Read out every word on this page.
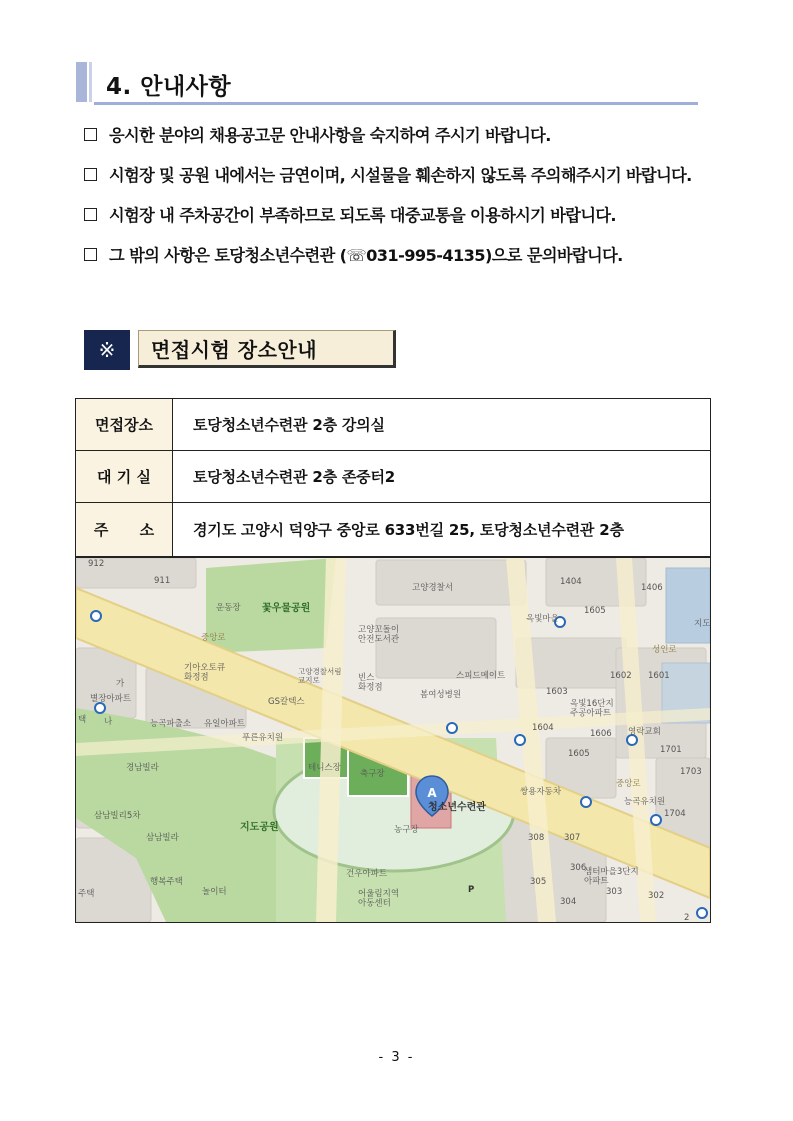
4. 안내사항
응시한 분야의 채용공고문 안내사항을 숙지하여 주시기 바랍니다.
시험장 및 공원 내에서는 금연이며, 시설물을 훼손하지 않도록 주의해주시기 바랍니다.
시험장 내 주차공간이 부족하므로 되도록 대중교통을 이용하시기 바랍니다.
그 밖의 사항은 토당청소년수련관 (☏031-995-4135)으로 문의바랍니다.
※	면접시험 장소안내
면접장소	토당청소년수련관 2층 강의실
대 기 실	토당청소년수련관 2층 존중터2
주      소	경기도 고양시 덕양구 중앙로 633번길 25, 토당청소년수련관 2층
A
912
911
운동장 꽃우물공원
고양경찰서
1404
1406
옥빛마을
1605
지도
중앙로
고양꼬돌이 안전도서관
기아오토큐 화정점
고양경찰서림 교지로	빈스 화정점
스피드메이트
성인로
1602 1601
별장아파트
가
GS칼텍스
봄여성병원	1603
옥빛16단지 주공아파트
택 나	능곡파출소 유일아파트
푸른유치원
1604
1606 영락교회
1701
경남빌라	테니스장
축구장
1605
1703
쌍용자동차
중앙로
능곡유치원
삼남빌리5차
청소년수련관
농구장
1704
지도공원
삼남빌라	308 307
306
샘터마을3단지 아파트
303
행복주택
놀이터
305
302
주택
건우아파트
304
어울림지역 아동센터
2
P
- 3 -
